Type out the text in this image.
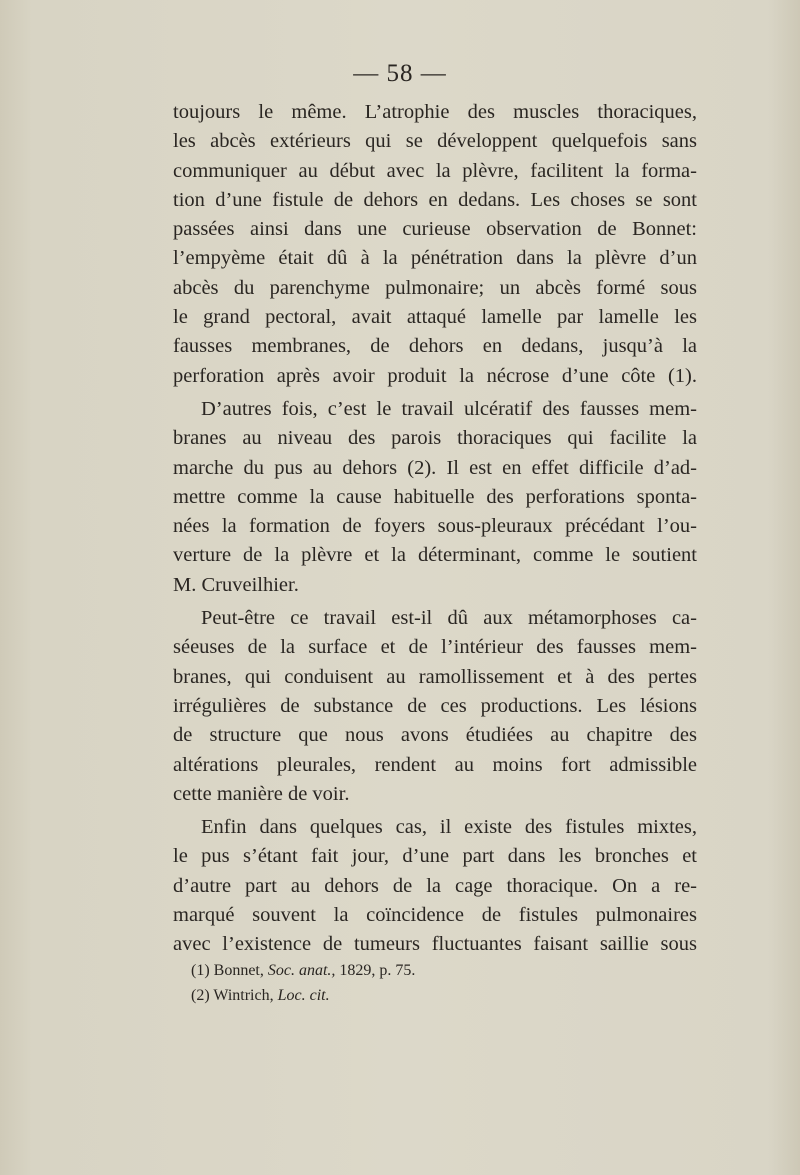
— 58 —
toujours le même. L’atrophie des muscles thoraciques,
les abcès extérieurs qui se développent quelquefois sans
communiquer au début avec la plèvre, facilitent la forma-
tion d’une fistule de dehors en dedans. Les choses se sont
passées ainsi dans une curieuse observation de Bonnet:
l’empyème était dû à la pénétration dans la plèvre d’un
abcès du parenchyme pulmonaire; un abcès formé sous
le grand pectoral, avait attaqué lamelle par lamelle les
fausses membranes, de dehors en dedans, jusqu’à la
perforation après avoir produit la nécrose d’une côte (1).
D’autres fois, c’est le travail ulcératif des fausses mem-
branes au niveau des parois thoraciques qui facilite la
marche du pus au dehors (2). Il est en effet difficile d’ad-
mettre comme la cause habituelle des perforations sponta-
nées la formation de foyers sous-pleuraux précédant l’ou-
verture de la plèvre et la déterminant, comme le soutient
M. Cruveilhier.
Peut-être ce travail est-il dû aux métamorphoses ca-
séeuses de la surface et de l’intérieur des fausses mem-
branes, qui conduisent au ramollissement et à des pertes
irrégulières de substance de ces productions. Les lésions
de structure que nous avons étudiées au chapitre des
altérations pleurales, rendent au moins fort admissible
cette manière de voir.
Enfin dans quelques cas, il existe des fistules mixtes,
le pus s’étant fait jour, d’une part dans les bronches et
d’autre part au dehors de la cage thoracique. On a re-
marqué souvent la coïncidence de fistules pulmonaires
avec l’existence de tumeurs fluctuantes faisant saillie sous
(1) Bonnet, Soc. anat., 1829, p. 75.
(2) Wintrich, Loc. cit.
